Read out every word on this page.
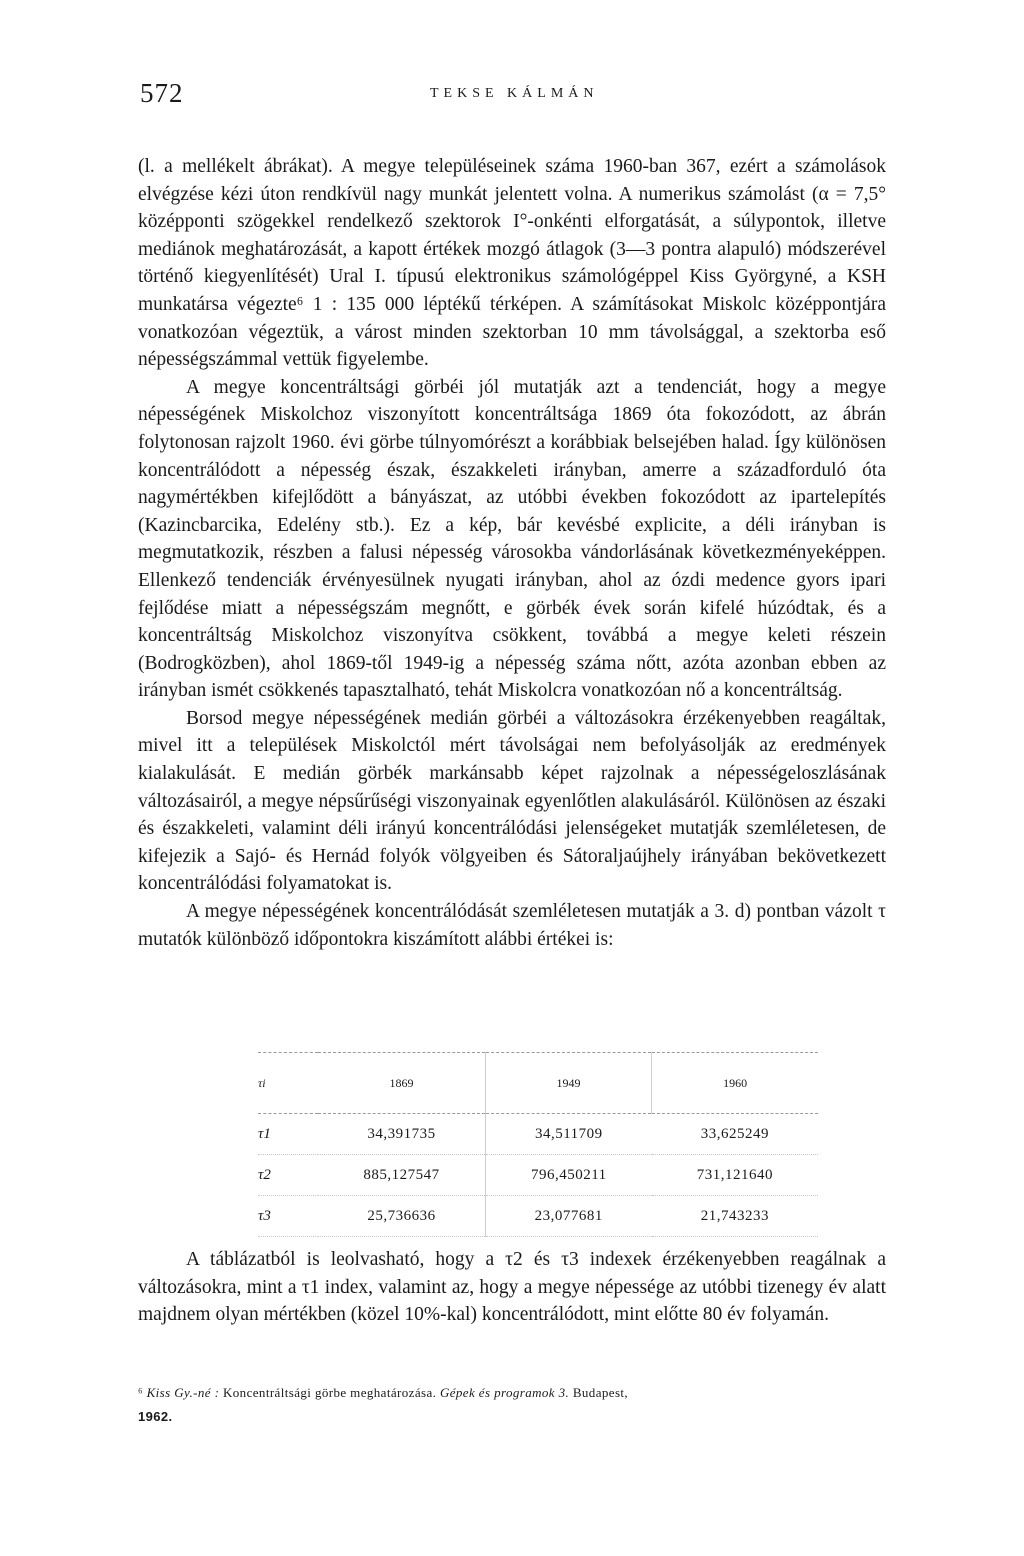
572	TEKSE KÁLMÁN

(l. a mellékelt ábrákat). A megye településeinek száma 1960-ban 367, ezért a számolások elvégzése kézi úton rendkívül nagy munkát jelentett volna. A numerikus számolást (α = 7,5° középponti szögekkel rendelkező szektorok I°-onkénti elforgatását, a súlypontok, illetve mediánok meghatározását, a kapott értékek mozgó átlagok (3—3 pontra alapuló) módszerével történő kiegyenlítését) Ural I. típusú elektronikus számológéppel Kiss Györgyné, a KSH munkatársa végezte⁶ 1 : 135 000 léptékű térképen. A számításokat Miskolc középpontjára vonatkozóan végeztük, a várost minden szektorban 10 mm távolsággal, a szektorba eső népességszámmal vettük figyelembe.

A megye koncentráltsági görbéi jól mutatják azt a tendenciát, hogy a megye népességének Miskolchoz viszonyított koncentráltsága 1869 óta fokozódott, az ábrán folytonosan rajzolt 1960. évi görbe túlnyomórészt a korábbiak belsejében halad. Így különösen koncentrálódott a népesség észak, északkeleti irányban, amerre a századforduló óta nagymértékben kifejlődött a bányászat, az utóbbi években fokozódott az ipartelepítés (Kazincbarcika, Edelény stb.). Ez a kép, bár kevésbé explicite, a déli irányban is megmutatkozik, részben a falusi népesség városokba vándorlásának következményeképpen. Ellenkező tendenciák érvényesülnek nyugati irányban, ahol az ózdi medence gyors ipari fejlődése miatt a népességszám megnőtt, e görbék évek során kifelé húzódtak, és a koncentráltság Miskolchoz viszonyítva csökkent, továbbá a megye keleti részein (Bodrogközben), ahol 1869-től 1949-ig a népesség száma nőtt, azóta azonban ebben az irányban ismét csökkenés tapasztalható, tehát Miskolcra vonatkozóan nő a koncentráltság.

Borsod megye népességének medián görbéi a változásokra érzékenyebben reagáltak, mivel itt a települések Miskolctól mért távolságai nem befolyásolják az eredmények kialakulását. E medián görbék markánsabb képet rajzolnak a népességeloszlásának változásairól, a megye népsűrűségi viszonyainak egyenlőtlen alakulásáról. Különösen az északi és északkeleti, valamint déli irányú koncentrálódási jelenségeket mutatják szemléletesen, de kifejezik a Sajó- és Hernád folyók völgyeiben és Sátoraljaújhely irányában bekövetkezett koncentrálódási folyamatokat is.

A megye népességének koncentrálódását szemléletesen mutatják a 3. d) pontban vázolt τ mutatók különböző időpontokra kiszámított alábbi értékei is:

τi	1869	1949	1960
τ1	34,391735	34,511709	33,625249
τ2	885,127547	796,450211	731,121640
τ3	25,736636	23,077681	21,743233

A táblázatból is leolvasható, hogy a τ2 és τ3 indexek érzékenyebben reagálnak a változásokra, mint a τ1 index, valamint az, hogy a megye népessége az utóbbi tizenegy év alatt majdnem olyan mértékben (közel 10%-kal) koncentrálódott, mint előtte 80 év folyamán.

⁶ Kiss Gy.-né : Koncentráltsági görbe meghatározása. Gépek és programok 3. Budapest,
1962.
